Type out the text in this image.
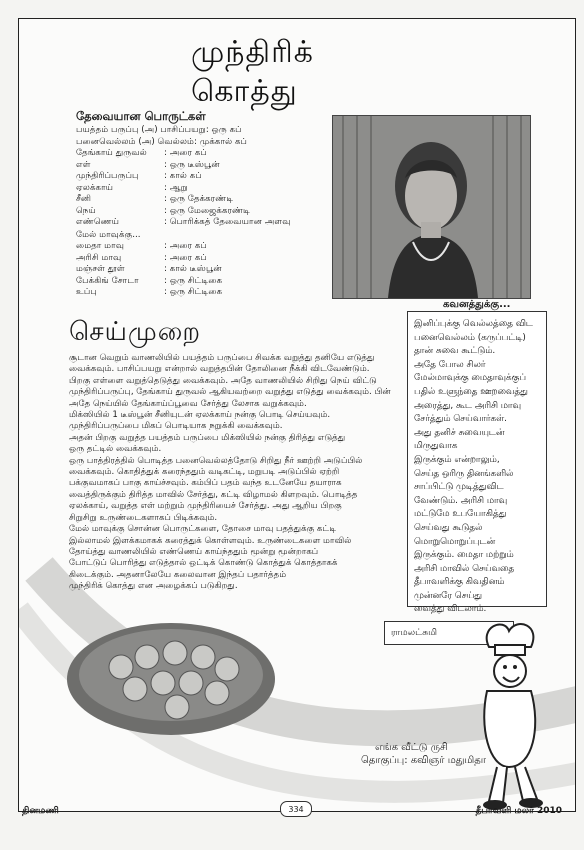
முந்திரிக் கொத்து
தேவையான பொருட்கள்
பயத்தம் பருப்பு (அ) பாசிப்பயறு: ஒரு கப்
பனைவெல்லம் (அ) வெல்லம்: முக்கால் கப்
தேங்காய் துருவல்	: அரை கப்
எள்	: ஒரு டீஸ்பூன்
முந்திரிப்பருப்பு	: கால் கப்
ஏலக்காய்	: ஆறு
சீனி	: ஒரு தேக்கரண்டி
நெய்	: ஒரு மேஜைக்கரண்டி
எண்ணெய்	: பொரிக்கத் தேவையான அளவு
மேல் மாவுக்கு...
மைதா மாவு	: அரை கப்
அரிசி மாவு	: அரை கப்
மஞ்சள் தூள்	: கால் டீஸ்பூன்
பேக்கிங் சோடா	: ஒரு சிட்டிகை
உப்பு	: ஒரு சிட்டிகை
கவனத்துக்கு...
இனிப்புக்கு வெல்லத்தை விட
பனைவெல்லம் (கருப்பட்டி)
தான் சுவை கூட்டும்.
அதே போல சிலர்
மேல்மாவுக்கு மைதாவுக்குப்
பதில் உளுந்தை ஊறவைத்து
அரைத்து, கூட அரிசி மாவு
சேர்த்தும் செய்வார்கள்.
அது தனிச் சுவையுடன்
மிருதுவாக
இருக்கும் என்றாலும்,
செய்த ஒரிரு தினங்களில்
சாப்பிட்டு முடித்துவிட
வேண்டும். அரிசி மாவு
மட்டுமே உபயோகித்து
செய்வது கூடுதல்
மொறுமொறுப்புடன்
இருக்கும். மைதா மற்றும்
அரிசி மாவில் செய்வதை
தீபாவளிக்கு கிவதினம்
முன்னரே செய்து
வைத்து விடலாம்.
செய்முறை
சூடான வெறும் வாணலியில் பயத்தம் பருப்பை சிவக்க வறுத்து தனியே எடுத்து
வைக்கவும். பாசிப்பயறு என்றால் வறுத்தபின் தோலினை நீக்கி விடவேண்டும்.
பிறகு எள்ளை வறுத்தெடுத்து வைக்கவும். அதே வாணலியில் சிறிது நெய் விட்டு
முந்திரிப்பருப்பு, தேங்காய் துருவல் ஆகியவற்றை வறுத்து எடுத்து வைக்கவும். பின்
அதே நெய்யில் தேங்காய்ப்பூவை சேர்த்து லேசாக வறுக்கவும்.
மிக்ஸியில் 1 டீஸ்பூன் சீனியுடன் ஏலக்காய் நன்கு பொடி செய்யவும்.
முந்திரிப்பருப்பை மிகப் பொடியாக நறுக்கி வைக்கவும்.
அதன் பிறகு வறுத்த பயத்தம் பருப்பை மிக்ஸியில் நன்கு திரித்து எடுத்து
ஒரு தட்டில் வைக்கவும்.
ஒரு பாத்திரத்தில் பொடித்த பனைவெல்லத்தோடு சிறிது நீர் ஊற்றி அடுப்பில்
வைக்கவும். கொதித்துக் கரைந்ததும் வடிகட்டி, மறுபடி அடுப்பில் ஏற்றி
பக்குவமாகப் பாகு காய்ச்சவும். கம்பிப் பதம் வந்த உடனேயே தயாராக
வைத்திருக்கும் திரித்த மாவில் சேர்த்து, கட்டி விழாமல் கிளறவும். பொடித்த
ஏலக்காய், வறுத்த எள் மற்றும் முந்திரியைச் சேர்த்து. அது ஆறிய பிறகு
சிறுசிறு உருண்டைகளாகப் பிடிக்கவும்.
மேல் மாவுக்கு சொன்ன பொருட்களை, தோசை மாவு பதத்துக்கு கட்டி
இல்லாமல் இளக்கமாகக் கரைத்துக் கொள்ளவும். உருண்டைகளை மாவில்
தோய்த்து வாணலியில் எண்ணெய் காய்ந்ததும் மூன்று மூன்றாகப்
போட்டுப் பொரித்து எடுத்தால் ஒட்டிக் கொண்டு கொத்துக் கொத்தாகக்
கிடைக்கும். அதனாலேயே கலைவான இந்தப் பதார்த்தம்
முந்திரிக் கொத்து என அழைக்கப் படுகிறது.
ராமலட்சுமி
எங்க வீட்டு ருசி
தொகுப்பு: கவிஞர் மதுமிதா
தினமணி	334	தீபாவளி மலர் 2010
